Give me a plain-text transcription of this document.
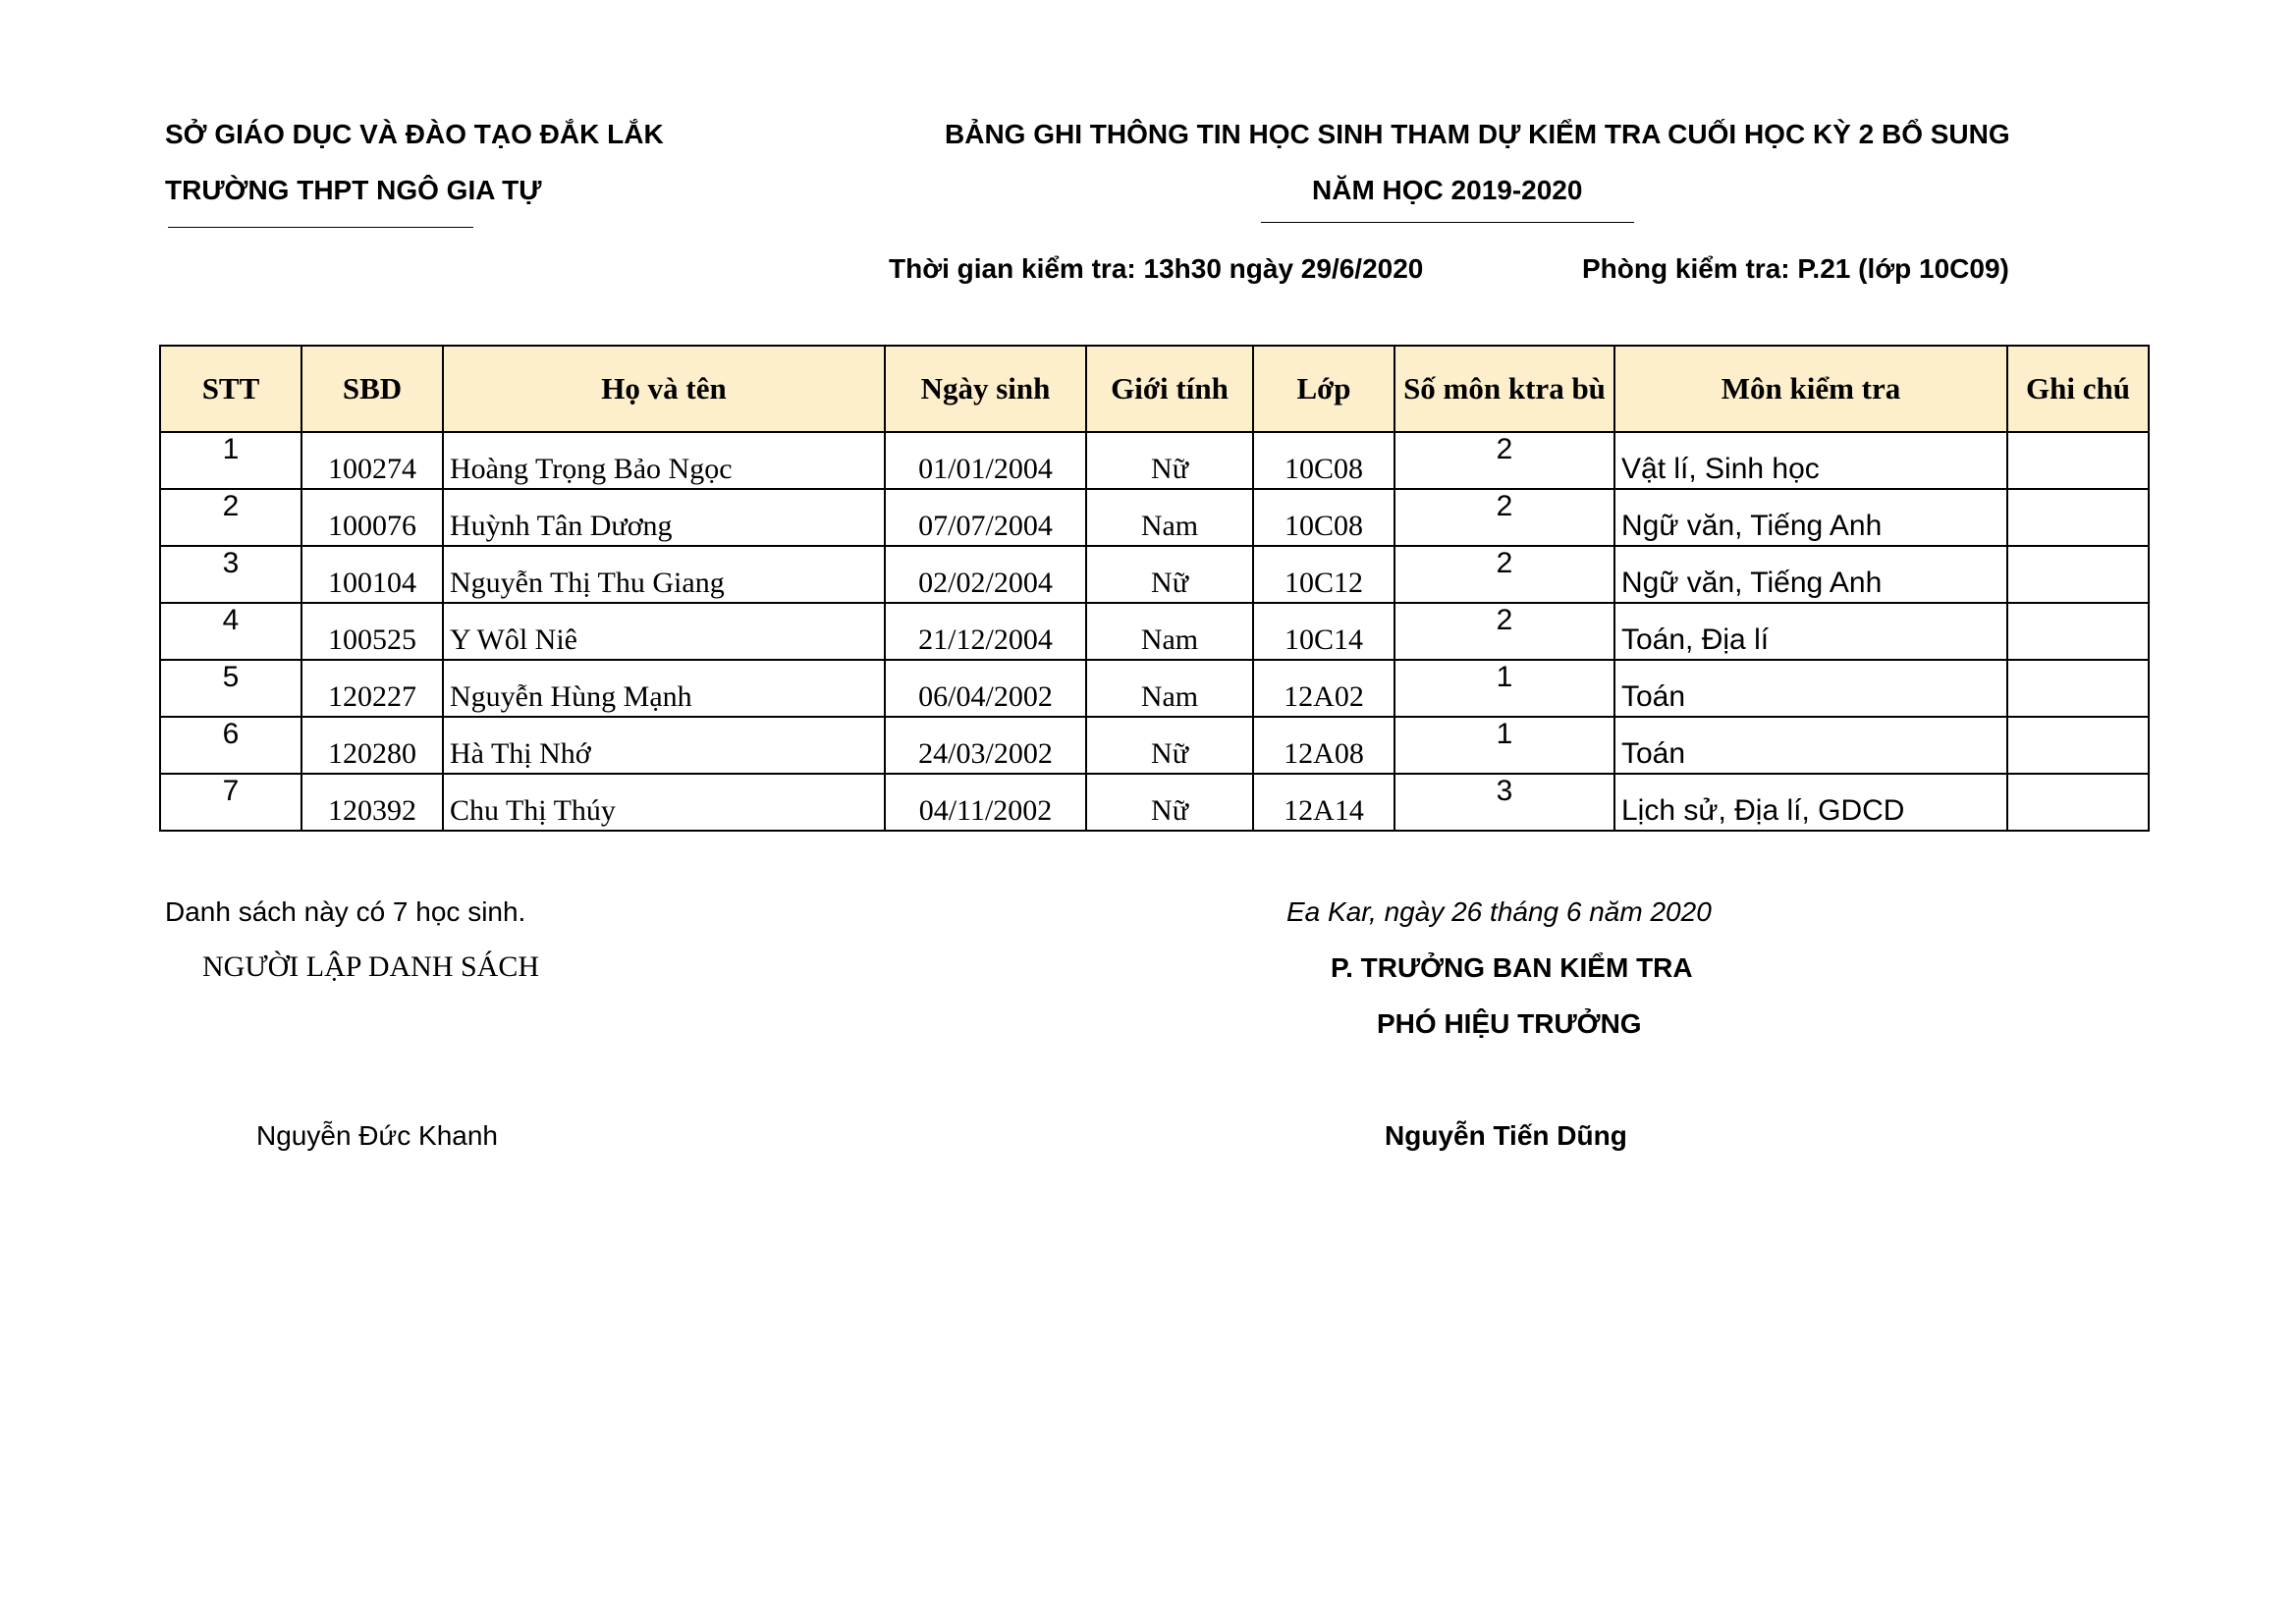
SỞ GIÁO DỤC VÀ ĐÀO TẠO ĐẮK LẮK
TRƯỜNG THPT NGÔ GIA TỰ
BẢNG GHI THÔNG TIN HỌC SINH THAM DỰ KIỂM TRA CUỐI HỌC KỲ 2 BỔ SUNG
NĂM HỌC 2019-2020
Thời gian kiểm tra: 13h30 ngày 29/6/2020	Phòng kiểm tra: P.21 (lớp 10C09)
STT	SBD	Họ và tên	Ngày sinh	Giới tính	Lớp	Số môn ktra bù	Môn kiểm tra	Ghi chú
1	100274	Hoàng Trọng Bảo Ngọc	01/01/2004	Nữ	10C08	2	Vật lí, Sinh học	
2	100076	Huỳnh Tân Dương	07/07/2004	Nam	10C08	2	Ngữ văn, Tiếng Anh	
3	100104	Nguyễn Thị Thu Giang	02/02/2004	Nữ	10C12	2	Ngữ văn, Tiếng Anh	
4	100525	Y Wôl Niê	21/12/2004	Nam	10C14	2	Toán, Địa lí	
5	120227	Nguyễn Hùng Mạnh	06/04/2002	Nam	12A02	1	Toán	
6	120280	Hà Thị Nhớ	24/03/2002	Nữ	12A08	1	Toán	
7	120392	Chu Thị Thúy	04/11/2002	Nữ	12A14	3	Lịch sử, Địa lí, GDCD	
Danh sách này có 7 học sinh.	Ea Kar, ngày 26 tháng 6 năm 2020
NGƯỜI LẬP DANH SÁCH	P. TRƯỞNG BAN KIỂM TRA
PHÓ HIỆU TRƯỞNG
Nguyễn Đức Khanh	Nguyễn Tiến Dũng
